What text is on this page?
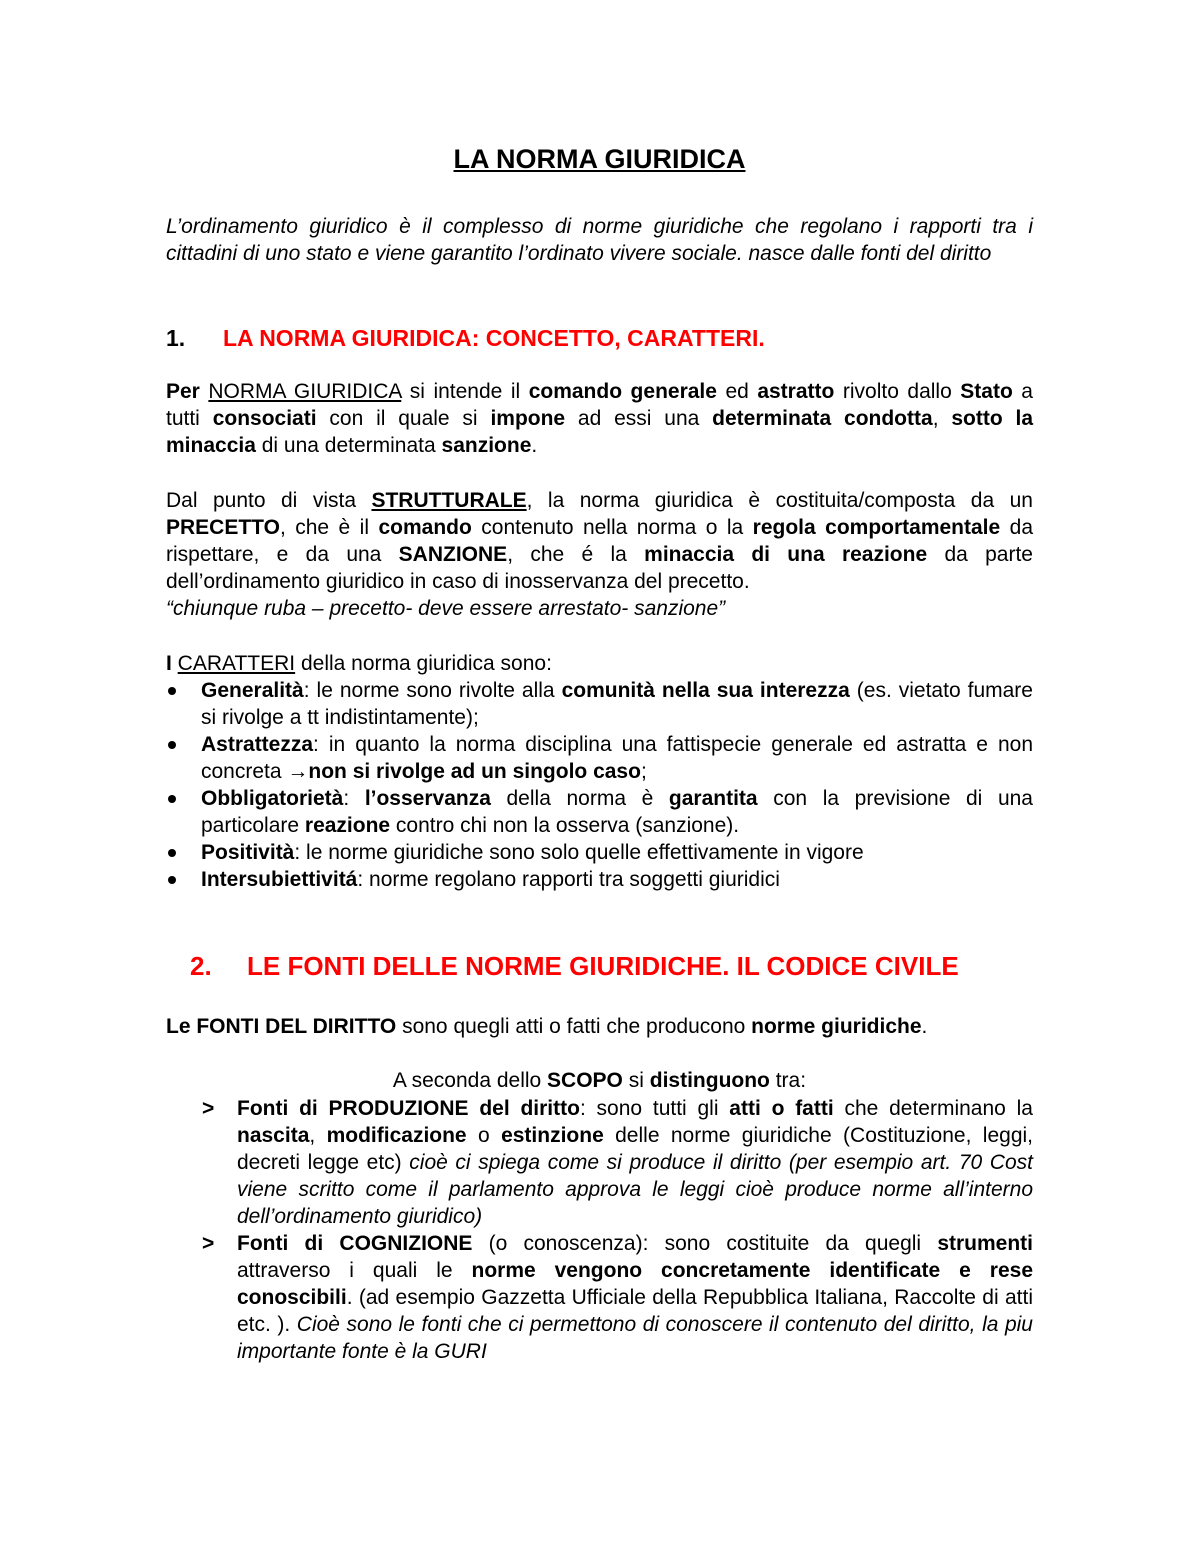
LA NORMA GIURIDICA
L’ordinamento giuridico è il complesso di norme giuridiche che regolano i rapporti tra i cittadini di uno stato e viene garantito l’ordinato vivere sociale. nasce dalle fonti del diritto
1. LA NORMA GIURIDICA: CONCETTO, CARATTERI.
Per NORMA GIURIDICA si intende il comando generale ed astratto rivolto dallo Stato a tutti consociati con il quale si impone ad essi una determinata condotta, sotto la minaccia di una determinata sanzione.
Dal punto di vista STRUTTURALE, la norma giuridica è costituita/composta da un PRECETTO, che è il comando contenuto nella norma o la regola comportamentale da rispettare, e da una SANZIONE, che é la minaccia di una reazione da parte dell’ordinamento giuridico in caso di inosservanza del precetto.
“chiunque ruba – precetto- deve essere arrestato- sanzione”
I CARATTERI della norma giuridica sono:
Generalità: le norme sono rivolte alla comunità nella sua interezza (es. vietato fumare si rivolge a tt indistintamente);
Astrattezza: in quanto la norma disciplina una fattispecie generale ed astratta e non concreta →non si rivolge ad un singolo caso;
Obbligatorietà: l’osservanza della norma è garantita con la previsione di una particolare reazione contro chi non la osserva (sanzione).
Positività: le norme giuridiche sono solo quelle effettivamente in vigore
Intersubiettivitá: norme regolano rapporti tra soggetti giuridici
2. LE FONTI DELLE NORME GIURIDICHE. IL CODICE CIVILE
Le FONTI DEL DIRITTO sono quegli atti o fatti che producono norme giuridiche.
A seconda dello SCOPO si distinguono tra:
> Fonti di PRODUZIONE del diritto: sono tutti gli atti o fatti che determinano la nascita, modificazione o estinzione delle norme giuridiche (Costituzione, leggi, decreti legge etc) cioè ci spiega come si produce il diritto (per esempio art. 70 Cost viene scritto come il parlamento approva le leggi cioè produce norme all’interno dell’ordinamento giuridico)
> Fonti di COGNIZIONE (o conoscenza): sono costituite da quegli strumenti attraverso i quali le norme vengono concretamente identificate e rese conoscibili. (ad esempio Gazzetta Ufficiale della Repubblica Italiana, Raccolte di atti etc. ). Cioè sono le fonti che ci permettono di conoscere il contenuto del diritto, la piu importante fonte è la GURI
